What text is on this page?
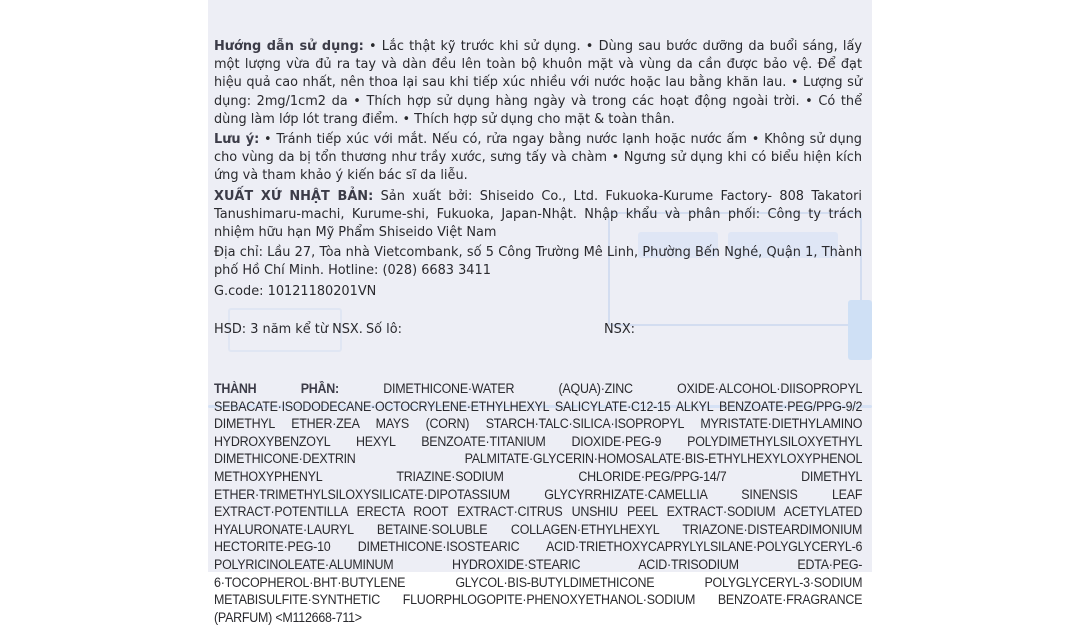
Hướng dẫn sử dụng: • Lắc thật kỹ trước khi sử dụng. • Dùng sau bước dưỡng da buổi sáng, lấy một lượng vừa đủ ra tay và dàn đều lên toàn bộ khuôn mặt và vùng da cần được bảo vệ. Để đạt hiệu quả cao nhất, nên thoa lại sau khi tiếp xúc nhiều với nước hoặc lau bằng khăn lau. • Lượng sử dụng: 2mg/1cm2 da • Thích hợp sử dụng hàng ngày và trong các hoạt động ngoài trời. • Có thể dùng làm lớp lót trang điểm. • Thích hợp sử dụng cho mặt & toàn thân.

Lưu ý: • Tránh tiếp xúc với mắt. Nếu có, rửa ngay bằng nước lạnh hoặc nước ấm • Không sử dụng cho vùng da bị tổn thương như trầy xước, sưng tấy và chàm • Ngưng sử dụng khi có biểu hiện kích ứng và tham khảo ý kiến bác sĩ da liễu.

XUẤT XỨ NHẬT BẢN: Sản xuất bởi: Shiseido Co., Ltd. Fukuoka-Kurume Factory- 808 Takatori Tanushimaru-machi, Kurume-shi, Fukuoka, Japan-Nhật. Nhập khẩu và phân phối: Công ty trách nhiệm hữu hạn Mỹ Phẩm Shiseido Việt Nam

Địa chỉ: Lầu 27, Tòa nhà Vietcombank, số 5 Công Trường Mê Linh, Phường Bến Nghé, Quận 1, Thành phố Hồ Chí Minh. Hotline: (028) 6683 3411

G.code: 10121180201VN

HSD: 3 năm kể từ NSX. Số lô:	NSX:
THÀNH PHẦN:	DIMETHICONE·WATER (AQUA)·ZINC OXIDE·ALCOHOL·DIISOPROPYL SEBACATE·ISODODECANE·OCTOCRYLENE·ETHYLHEXYL SALICYLATE·C12-15 ALKYL BENZOATE·PEG/PPG-9/2 DIMETHYL ETHER·ZEA MAYS (CORN) STARCH·TALC·SILICA·ISOPROPYL MYRISTATE·DIETHYLAMINO HYDROXYBENZOYL HEXYL BENZOATE·TITANIUM DIOXIDE·PEG-9 POLYDIMETHYLSILOXYETHYL DIMETHICONE·DEXTRIN PALMITATE·GLYCERIN·HOMOSALATE·BIS-ETHYLHEXYLOXYPHENOL METHOXYPHENYL TRIAZINE·SODIUM CHLORIDE·PEG/PPG-14/7 DIMETHYL ETHER·TRIMETHYLSILOXYSILICATE·DIPOTASSIUM GLYCYRRHIZATE·CAMELLIA SINENSIS LEAF EXTRACT·POTENTILLA ERECTA ROOT EXTRACT·CITRUS UNSHIU PEEL EXTRACT·SODIUM ACETYLATED HYALURONATE·LAURYL BETAINE·SOLUBLE COLLAGEN·ETHYLHEXYL TRIAZONE·DISTEARDIMONIUM HECTORITE·PEG-10 DIMETHICONE·ISOSTEARIC ACID·TRIETHOXYCAPRYLYLSILANE·POLYGLYCERYL-6 POLYRICINOLEATE·ALUMINUM HYDROXIDE·STEARIC ACID·TRISODIUM EDTA·PEG-6·TOCOPHEROL·BHT·BUTYLENE GLYCOL·BIS-BUTYLDIMETHICONE POLYGLYCERYL-3·SODIUM METABISULFITE·SYNTHETIC FLUORPHLOGOPITE·PHENOXYETHANOL·SODIUM BENZOATE·FRAGRANCE (PARFUM) <M112668-711>
